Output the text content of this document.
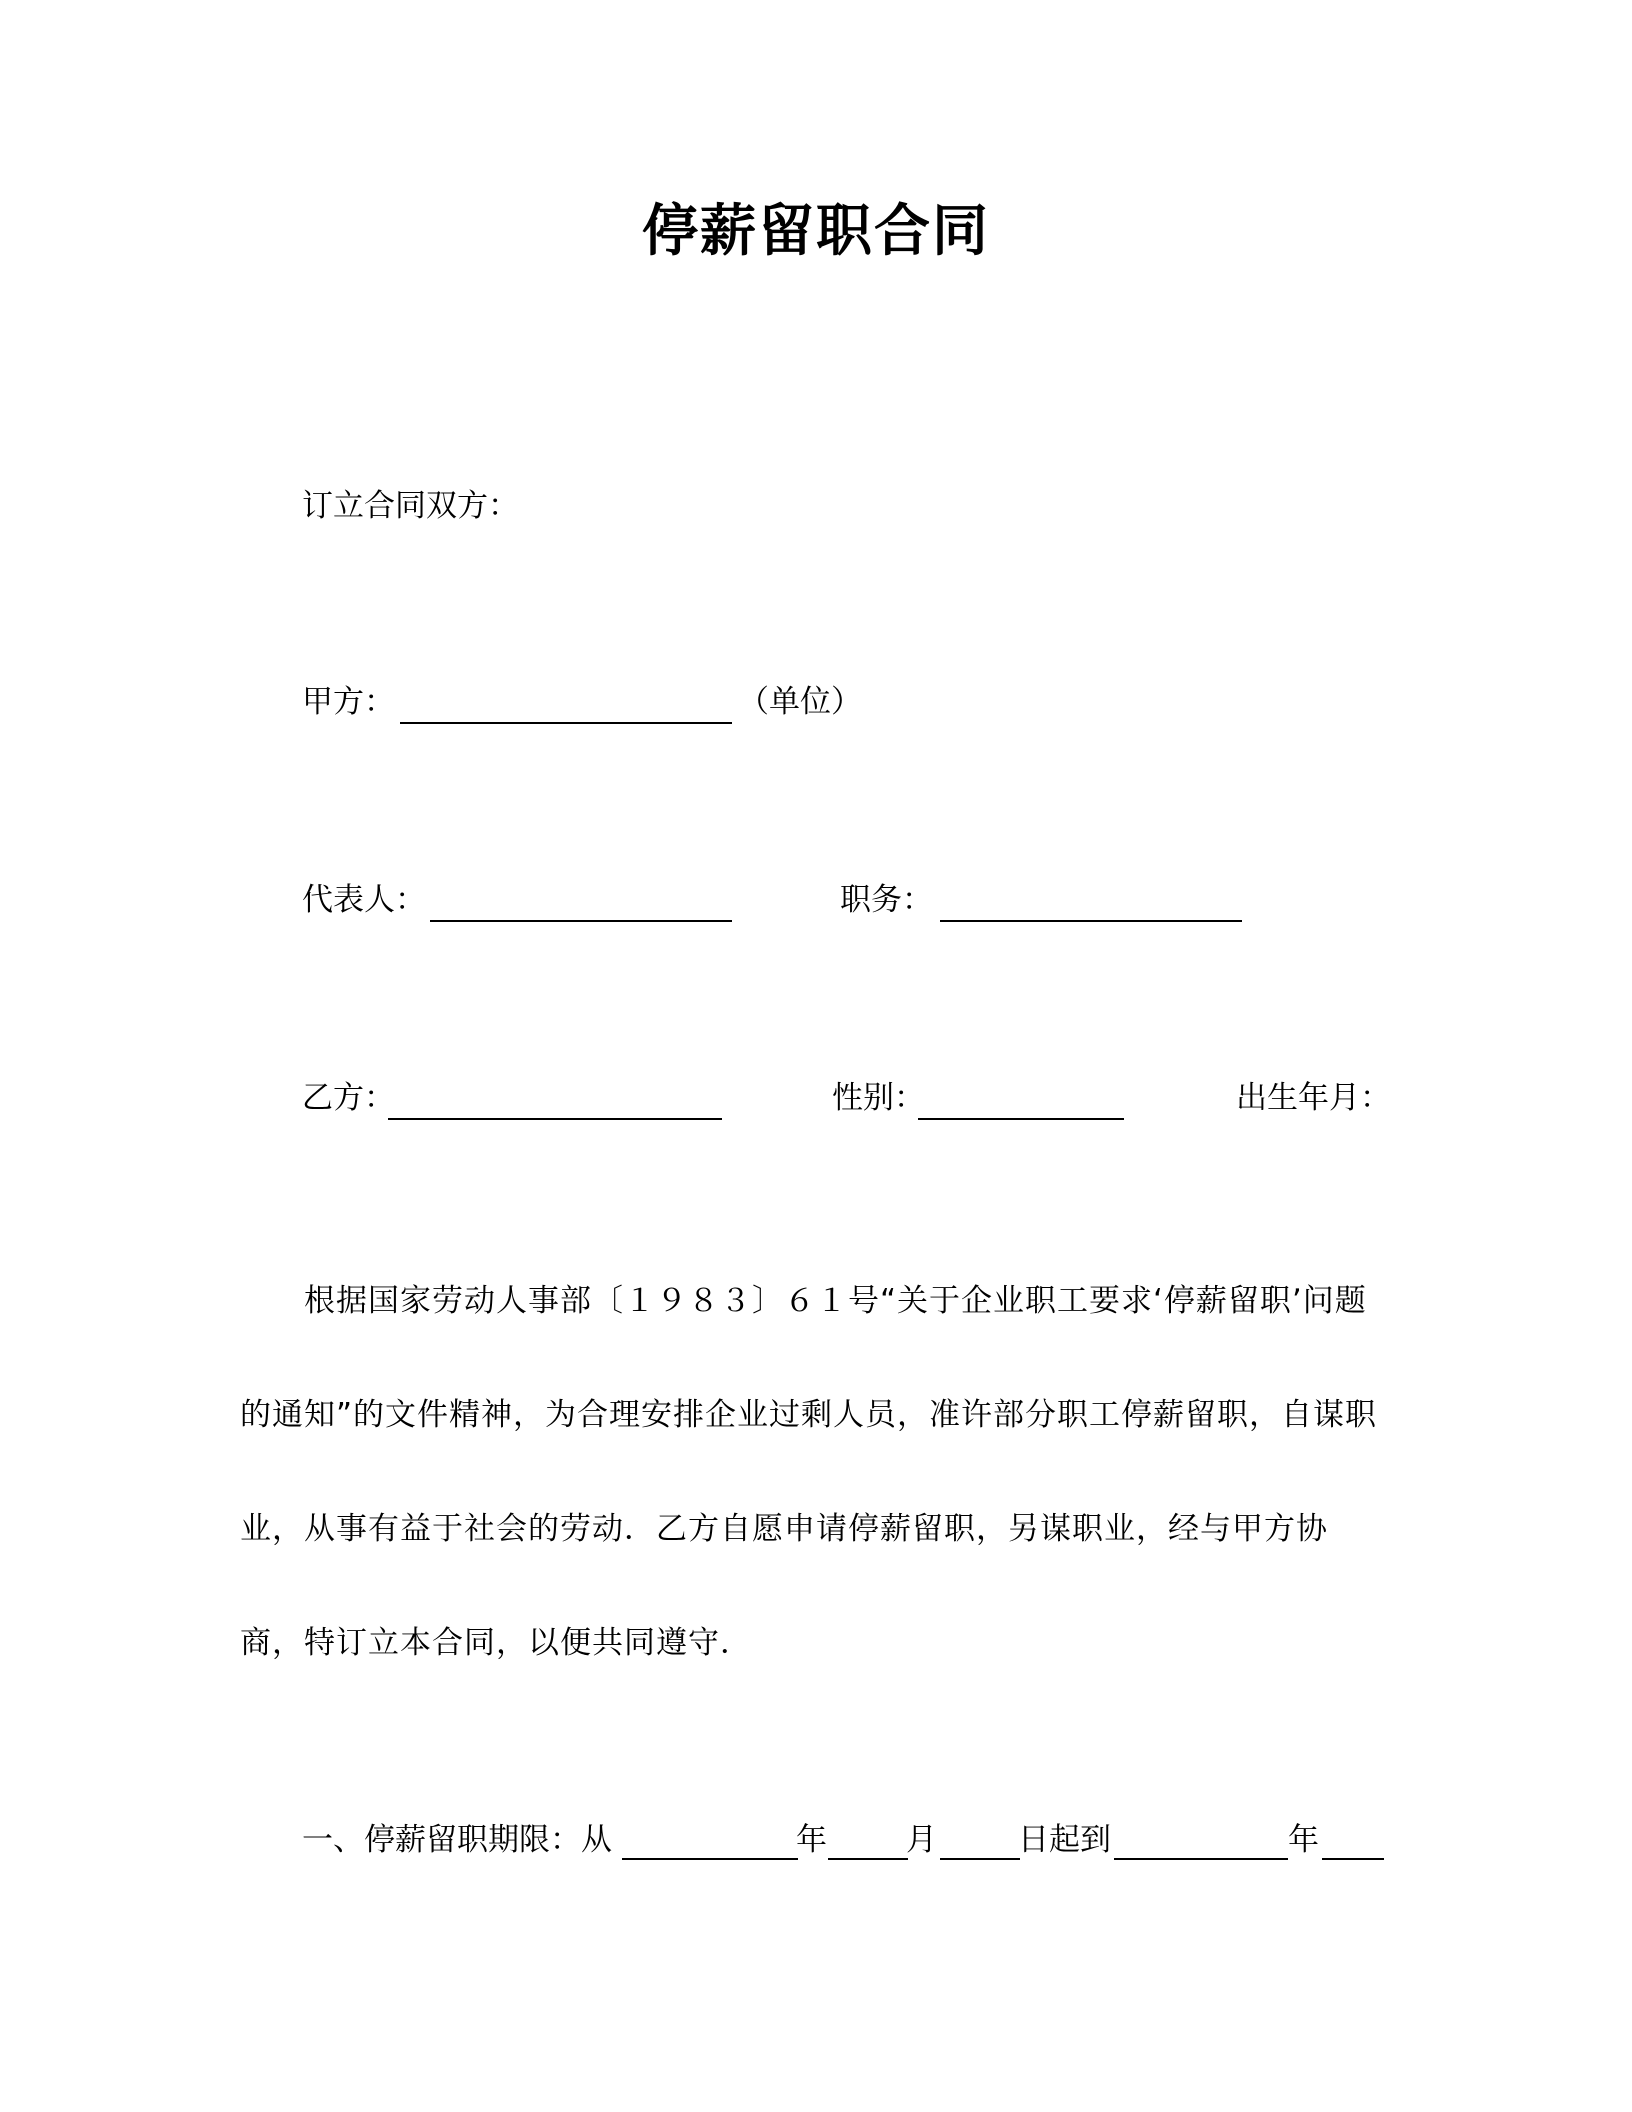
停薪留职合同
订立合同双方：
甲方：	（单位）
代表人：	职务：
乙方：	性别：	出生年月：
根据国家劳动人事部〔１９８３〕６１号“关于企业职工要求‘停薪留职’问题的通知”的文件精神，为合理安排企业过剩人员，准许部分职工停薪留职，自谋职业，从事有益于社会的劳动．乙方自愿申请停薪留职，另谋职业，经与甲方协商，特订立本合同，以便共同遵守．
一、停薪留职期限：从	年	月	日起到	年
